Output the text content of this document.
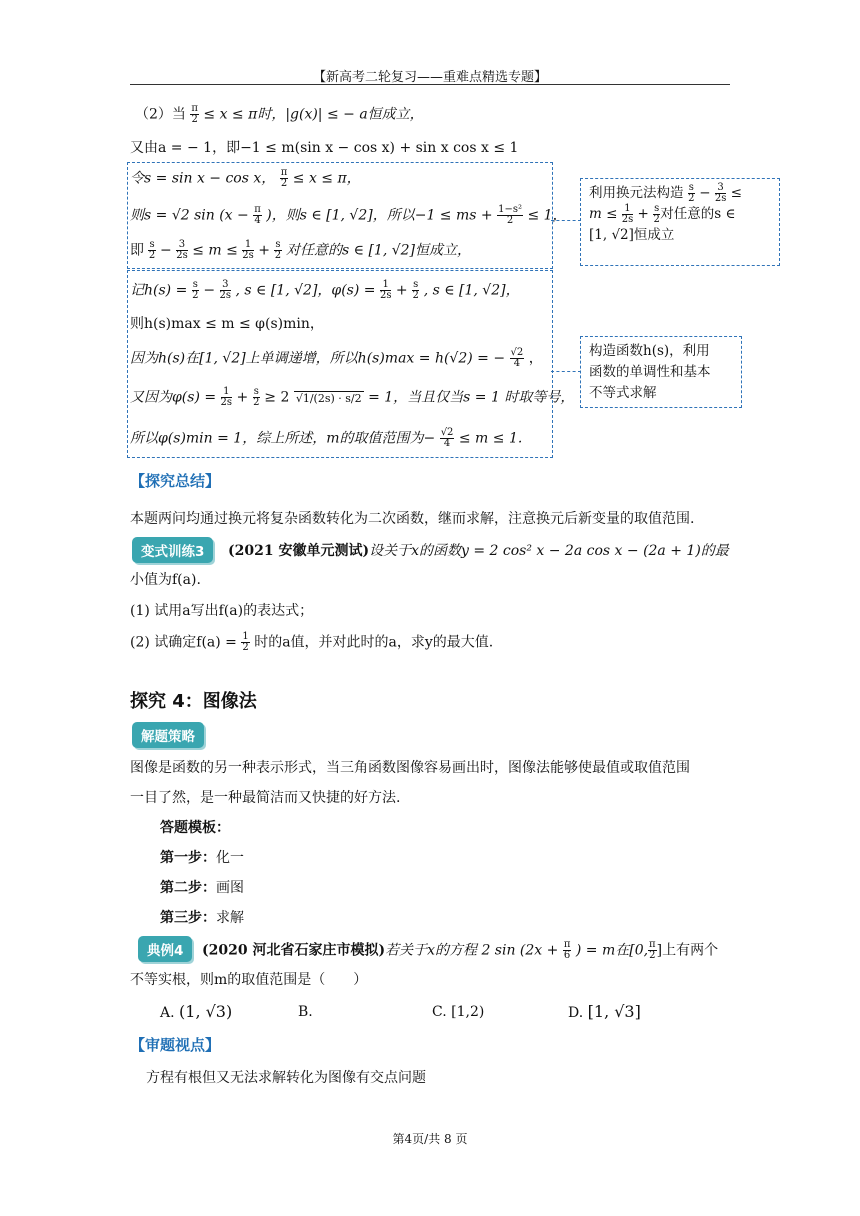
【新高考二轮复习——重难点精选专题】
（2）当 $\frac{\pi}{2} \le x \le \pi$时，|g(x)| ≤ − a恒成立，
又由a = − 1，即−1 ≤ m(sin x − cos x) + sin x cos x ≤ 1
令s = sin x − cos x， $\frac{\pi}{2} \le x \le \pi$，
则s = √2 $\sin (x - \frac{\pi}{4}$ )，则s ∈ [1, √2]，所以−1 ≤ ms + $\frac{\text{1−s²}}{2} \le 1$，
即 $\frac{s}{2} - \frac{3}{2s} \le m \le \frac{1}{2s} + \frac{s}{2}$ 对任意的s ∈ [1, √2]恒成立，
利用换元法构造 $\frac{s}{2} - \frac{3}{2s}$ ≤
$m \le \frac{1}{2s} + \frac{s}{2}$ 对任意的s ∈
[1, √2]恒成立
记$h(s) = \frac{s}{2} - \frac{3}{2s}$ , s ∈ [1, √2]，$\varphi(s) = \frac{1}{2s} + \frac{s}{2}$ , s ∈ [1, √2]，
则h(s)max ≤ m ≤ φ(s)min，
因为h(s)在[1, √2]上单调递增，所以h(s)max = h(√2) = − $\frac{√2}{4}$ ，
又因为$\varphi(s) = \frac{1}{2s} + \frac{s}{2} \ge 2$ √1/(2s) · s/2 = 1，当且仅当s = 1 时取等号，
所以φ(s)min = 1，综上所述，m的取值范围为− $\frac{√2}{4} \le m \le 1$.
构造函数h(s)，利用
函数的单调性和基本
不等式求解
【探究总结】
本题两问均通过换元将复杂函数转化为二次函数，继而求解，注意换元后新变量的取值范围.
变式训练3	(2021 安徽单元测试)设关于x的函数y = 2 cos² x − 2a cos x − (2a + 1)的最
小值为f(a).
(1) 试用a写出f(a)的表达式；
(2) 试确定$f(a) = \frac{1}{2}$ 时的a值，并对此时的a，求y的最大值.
探究 4：图像法
解题策略
图像是函数的另一种表示形式，当三角函数图像容易画出时，图像法能够使最值或取值范围
一目了然，是一种最简洁而又快捷的好方法.
答题模板：
第一步：化一
第二步：画图
第三步：求解
典例4	(2020 河北省石家庄市模拟)若关于x的方程 2 $\sin (2x + \frac{\pi}{6}$ ) = m在[0, $\frac{\pi}{2}$ ]上有两个
不等实根，则m的取值范围是（　　）
A. (1, √3)	B.	C. [1,2)	D. [1, √3]
【审题视点】
方程有根但又无法求解转化为图像有交点问题
第4页/共 8 页
